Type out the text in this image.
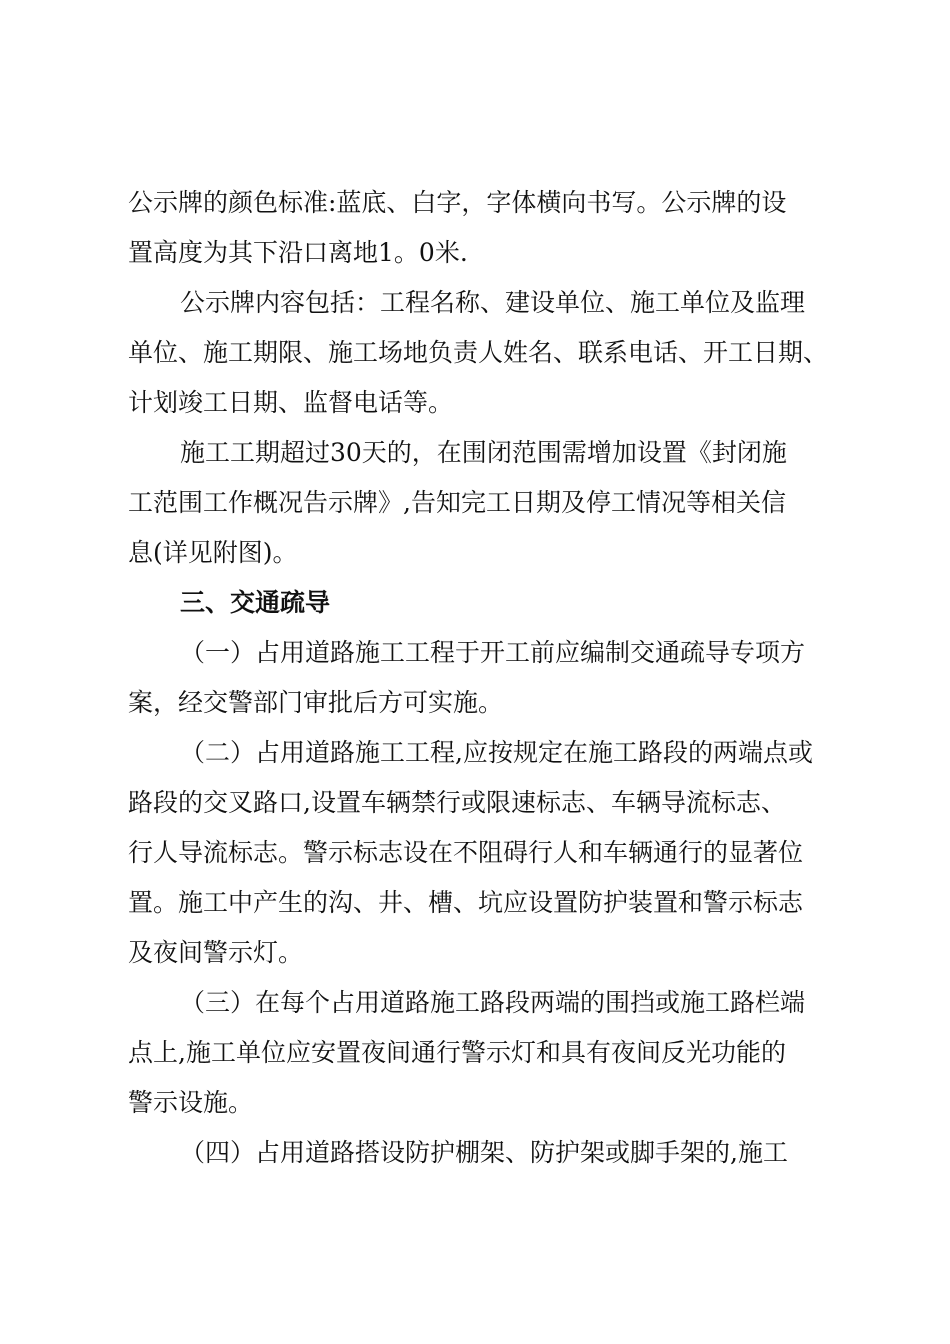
公示牌的颜色标准:蓝底、白字，字体横向书写。公示牌的设
置高度为其下沿口离地1。0米.
公示牌内容包括：工程名称、建设单位、施工单位及监理
单位、施工期限、施工场地负责人姓名、联系电话、开工日期、
计划竣工日期、监督电话等。
施工工期超过30天的，在围闭范围需增加设置《封闭施
工范围工作概况告示牌》,告知完工日期及停工情况等相关信
息(详见附图)。
三、交通疏导
（一）占用道路施工工程于开工前应编制交通疏导专项方
案，经交警部门审批后方可实施。
（二）占用道路施工工程,应按规定在施工路段的两端点或
路段的交叉路口,设置车辆禁行或限速标志、车辆导流标志、
行人导流标志。警示标志设在不阻碍行人和车辆通行的显著位
置。施工中产生的沟、井、槽、坑应设置防护装置和警示标志
及夜间警示灯。
（三）在每个占用道路施工路段两端的围挡或施工路栏端
点上,施工单位应安置夜间通行警示灯和具有夜间反光功能的
警示设施。
（四）占用道路搭设防护棚架、防护架或脚手架的,施工
